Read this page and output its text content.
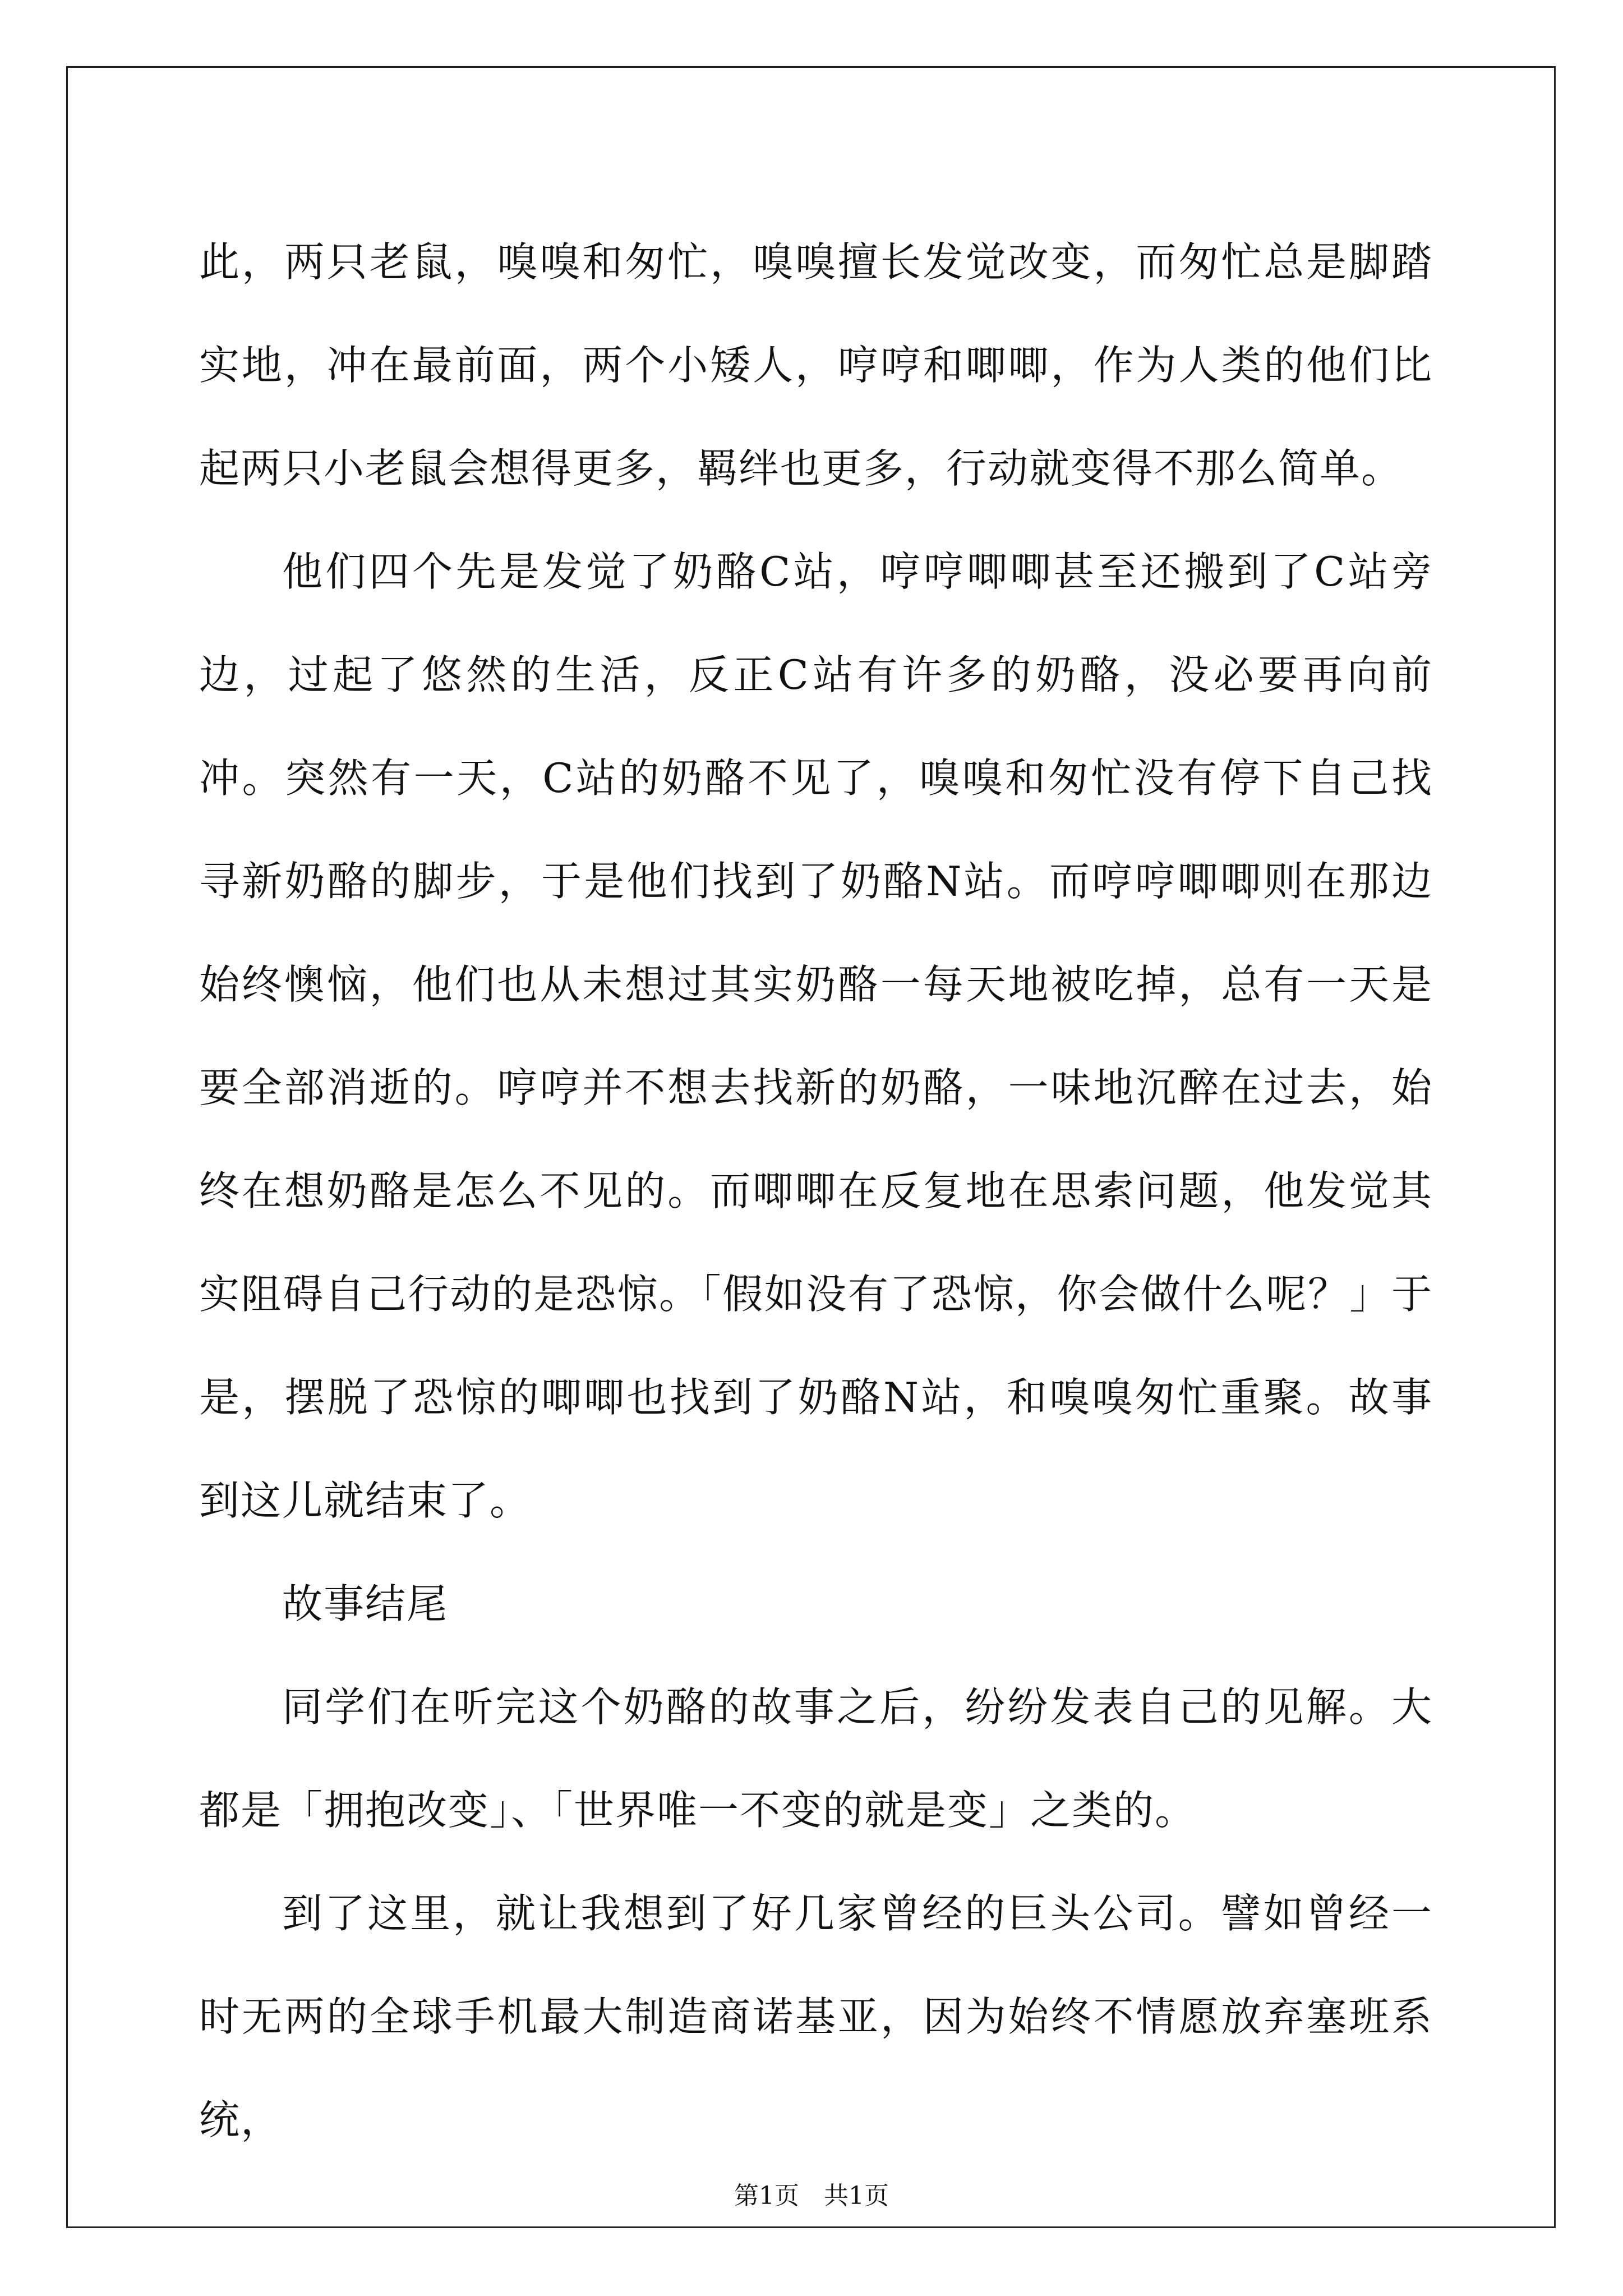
此，两只老鼠，嗅嗅和匆忙，嗅嗅擅长发觉改变，而匆忙总是脚踏实地，冲在最前面，两个小矮人，哼哼和唧唧，作为人类的他们比起两只小老鼠会想得更多，羁绊也更多，行动就变得不那么简单。

他们四个先是发觉了奶酪C站，哼哼唧唧甚至还搬到了C站旁边，过起了悠然的生活，反正C站有许多的奶酪，没必要再向前冲。突然有一天，C站的奶酪不见了，嗅嗅和匆忙没有停下自己找寻新奶酪的脚步，于是他们找到了奶酪N站。而哼哼唧唧则在那边始终懊恼，他们也从未想过其实奶酪一每天地被吃掉，总有一天是要全部消逝的。哼哼并不想去找新的奶酪，一味地沉醉在过去，始终在想奶酪是怎么不见的。而唧唧在反复地在思索问题，他发觉其实阻碍自己行动的是恐惊。「假如没有了恐惊，你会做什么呢？」于是，摆脱了恐惊的唧唧也找到了奶酪N站，和嗅嗅匆忙重聚。故事到这儿就结束了。

故事结尾

同学们在听完这个奶酪的故事之后，纷纷发表自己的见解。大都是「拥抱改变」、「世界唯一不变的就是变」之类的。

到了这里，就让我想到了好几家曾经的巨头公司。譬如曾经一时无两的全球手机最大制造商诺基亚，因为始终不情愿放弃塞班系统，

第1页　共1页
